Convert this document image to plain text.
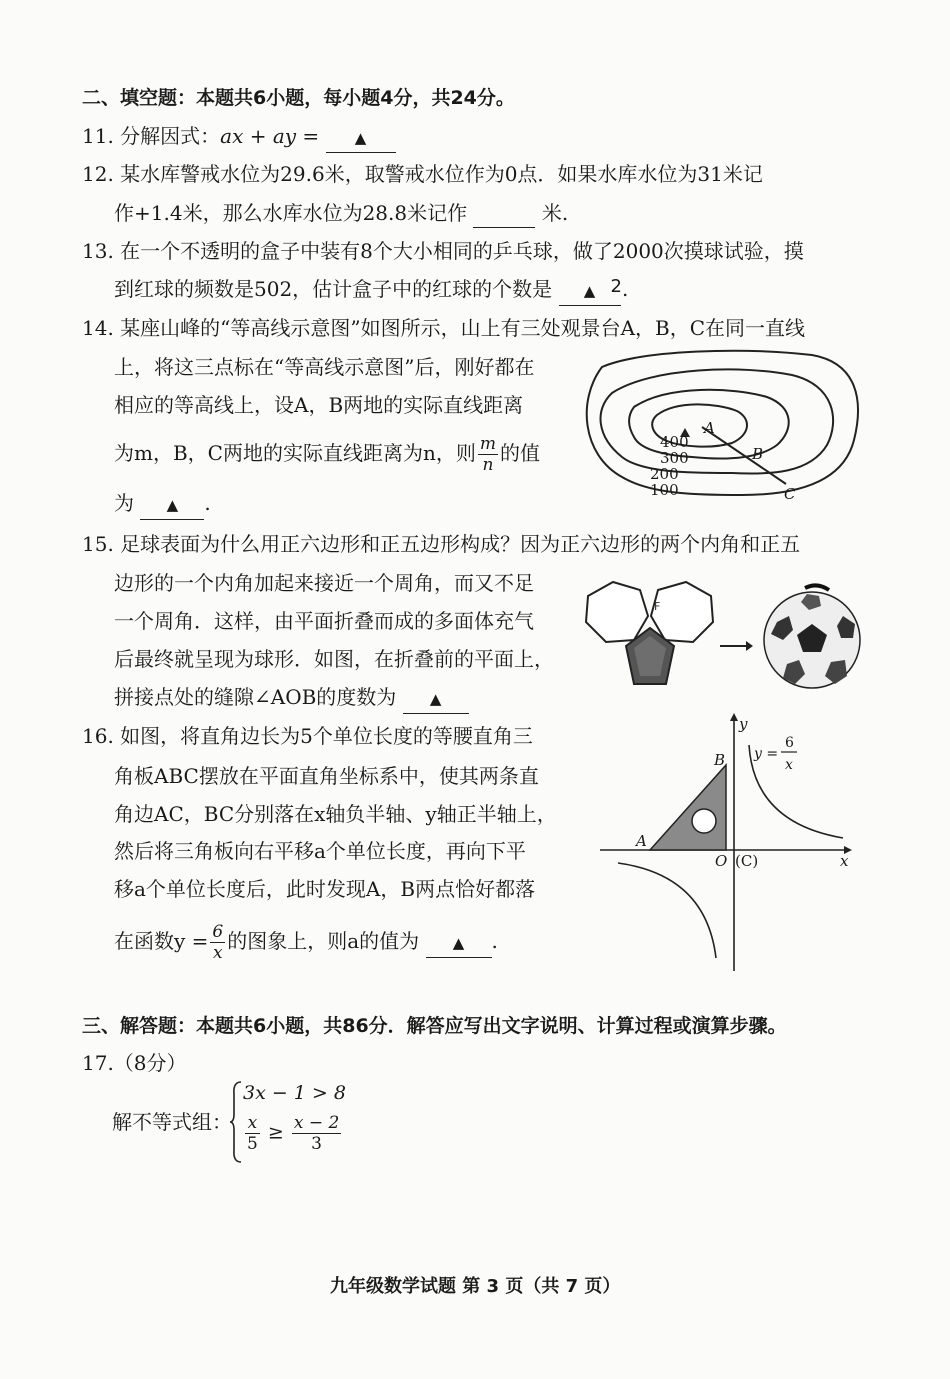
二、填空题：本题共6小题，每小题4分，共24分。
11. 分解因式：ax + ay = ▲
12. 某水库警戒水位为29.6米，取警戒水位作为0点．如果水库水位为31米记
作+1.4米，那么水库水位为28.8米记作	米.
13. 在一个不透明的盒子中装有8个大小相同的乒乓球，做了2000次摸球试验，摸
到红球的频数是502，估计盒子中的红球的个数是 ▲ 2.
14. 某座山峰的“等高线示意图”如图所示，山上有三处观景台A，B，C在同一直线
上，将这三点标在“等高线示意图”后，刚好都在
相应的等高线上，设A，B两地的实际直线距离
为m，B，C两地的实际直线距离为n，则 $\frac{m}{n}$ 的值
为 ▲ .
400
300
200
100
A
B
C
15. 足球表面为什么用正六边形和正五边形构成？因为正六边形的两个内角和正五
边形的一个内角加起来接近一个周角，而又不足
一个周角．这样，由平面折叠而成的多面体充气
后最终就呈现为球形．如图，在折叠前的平面上，
拼接点处的缝隙∠AOB的度数为 ▲
F
16. 如图，将直角边长为5个单位长度的等腰直角三
角板ABC摆放在平面直角坐标系中，使其两条直
角边AC，BC分别落在x轴负半轴、y轴正半轴上，
然后将三角板向右平移a个单位长度，再向下平
移a个单位长度后，此时发现A，B两点恰好都落
在函数$y = \frac{6}{x}$ 的图象上，则a的值为 ▲ .
y
x
O (C)
A
B y =
6
x
三、解答题：本题共6小题，共86分．解答应写出文字说明、计算过程或演算步骤。
17.（8分）
解不等式组：
3x − 1 > 8
$\frac{x}{5} \ge \frac{x - 2}{3}$
九年级数学试题 第 3 页（共 7 页）
